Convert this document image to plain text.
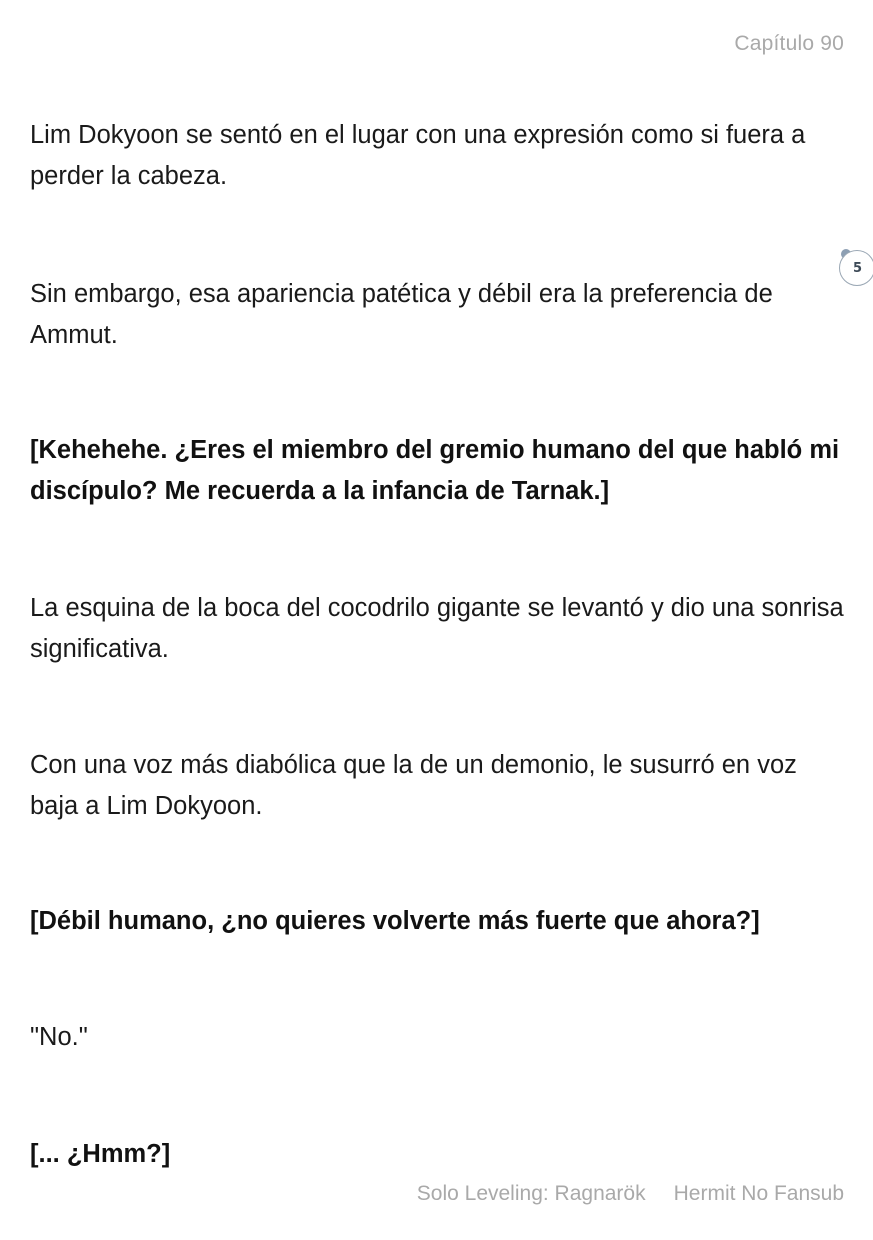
Capítulo 90

Lim Dokyoon se sentó en el lugar con una expresión como si fuera a perder la cabeza.

5

Sin embargo, esa apariencia patética y débil era la preferencia de Ammut.

[Kehehehe. ¿Eres el miembro del gremio humano del que habló mi discípulo? Me recuerda a la infancia de Tarnak.]

La esquina de la boca del cocodrilo gigante se levantó y dio una sonrisa significativa.

Con una voz más diabólica que la de un demonio, le susurró en voz baja a Lim Dokyoon.

[Débil humano, ¿no quieres volverte más fuerte que ahora?]

"No."

[... ¿Hmm?]

Solo Leveling: Ragnarök Hermit No Fansub
